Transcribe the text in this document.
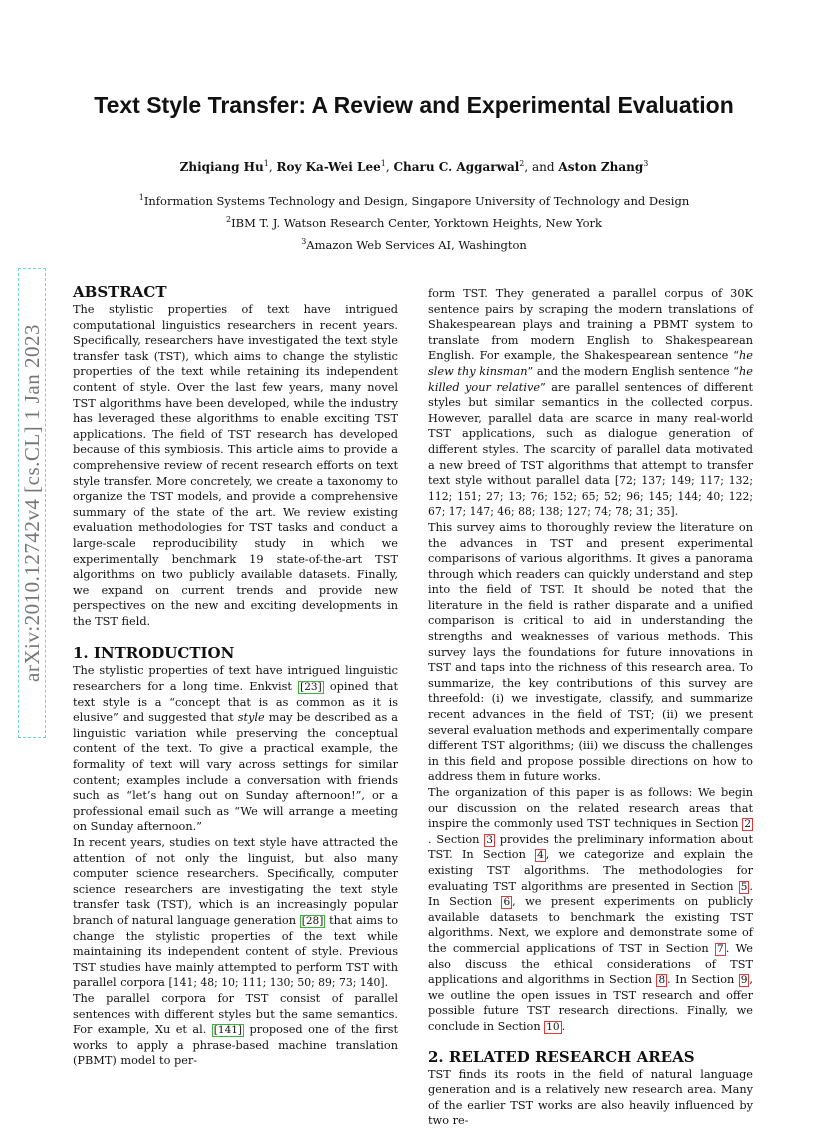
Text Style Transfer: A Review and Experimental Evaluation
Zhiqiang Hu$^1$, Roy Ka-Wei Lee$^1$, Charu C. Aggarwal$^2$, and Aston Zhang$^3$
$^1$Information Systems Technology and Design, Singapore University of Technology and Design
$^2$IBM T. J. Watson Research Center, Yorktown Heights, New York
$^3$Amazon Web Services AI, Washington
arXiv:2010.12742v4 [cs.CL] 1 Jan 2023
ABSTRACT

The stylistic properties of text have intrigued computational linguistics researchers in recent years. Specifically, researchers have investigated the text style transfer task (TST), which aims to change the stylistic properties of the text while retaining its independent content of style. Over the last few years, many novel TST algorithms have been developed, while the industry has leveraged these algorithms to enable exciting TST applications. The field of TST research has developed because of this symbiosis. This article aims to provide a comprehensive review of recent research efforts on text style transfer. More concretely, we create a taxonomy to organize the TST models, and provide a comprehensive summary of the state of the art. We review existing evaluation methodologies for TST tasks and conduct a large-scale reproducibility study in which we experimentally benchmark 19 state-of-the-art TST algorithms on two publicly available datasets. Finally, we expand on current trends and provide new perspectives on the new and exciting developments in the TST field.

1. INTRODUCTION

The stylistic properties of text have intrigued linguistic researchers for a long time. Enkvist [23] opined that text style is a “concept that is as common as it is elusive” and suggested that style may be described as a linguistic variation while preserving the conceptual content of the text. To give a practical example, the formality of text will vary across settings for similar content; examples include a conversation with friends such as “let’s hang out on Sunday afternoon!”, or a professional email such as “We will arrange a meeting on Sunday afternoon.”

In recent years, studies on text style have attracted the attention of not only the linguist, but also many computer science researchers. Specifically, computer science researchers are investigating the text style transfer task (TST), which is an increasingly popular branch of natural language generation [28] that aims to change the stylistic properties of the text while maintaining its independent content of style. Previous TST studies have mainly attempted to perform TST with parallel corpora [141; 48; 10; 111; 130; 50; 89; 73; 140].

The parallel corpora for TST consist of parallel sentences with different styles but the same semantics. For example, Xu et al. [141] proposed one of the first works to apply a phrase-based machine translation (PBMT) model to per-

form TST. They generated a parallel corpus of 30K sentence pairs by scraping the modern translations of Shakespearean plays and training a PBMT system to translate from modern English to Shakespearean English. For example, the Shakespearean sentence “he slew thy kinsman” and the modern English sentence “he killed your relative” are parallel sentences of different styles but similar semantics in the collected corpus. However, parallel data are scarce in many real-world TST applications, such as dialogue generation of different styles. The scarcity of parallel data motivated a new breed of TST algorithms that attempt to transfer text style without parallel data [72; 137; 149; 117; 132; 112; 151; 27; 13; 76; 152; 65; 52; 96; 145; 144; 40; 122; 67; 17; 147; 46; 88; 138; 127; 74; 78; 31; 35].

This survey aims to thoroughly review the literature on the advances in TST and present experimental comparisons of various algorithms. It gives a panorama through which readers can quickly understand and step into the field of TST. It should be noted that the literature in the field is rather disparate and a unified comparison is critical to aid in understanding the strengths and weaknesses of various methods. This survey lays the foundations for future innovations in TST and taps into the richness of this research area. To summarize, the key contributions of this survey are threefold: (i) we investigate, classify, and summarize recent advances in the field of TST; (ii) we present several evaluation methods and experimentally compare different TST algorithms; (iii) we discuss the challenges in this field and propose possible directions on how to address them in future works.

The organization of this paper is as follows: We begin our discussion on the related research areas that inspire the commonly used TST techniques in Section 2. Section 3 provides the preliminary information about TST. In Section 4 , we categorize and explain the existing TST algorithms. The methodologies for evaluating TST algorithms are presented in Section 5 . In Section 6 , we present experiments on publicly available datasets to benchmark the existing TST algorithms. Next, we explore and demonstrate some of the commercial applications of TST in Section 7 . We also discuss the ethical considerations of TST applications and algorithms in Section 8 . In Section 9 , we outline the open issues in TST research and offer possible future TST research directions. Finally, we conclude in Section 10 .

2. RELATED RESEARCH AREAS

TST finds its roots in the field of natural language generation and is a relatively new research area. Many of the earlier TST works are also heavily influenced by two re-
